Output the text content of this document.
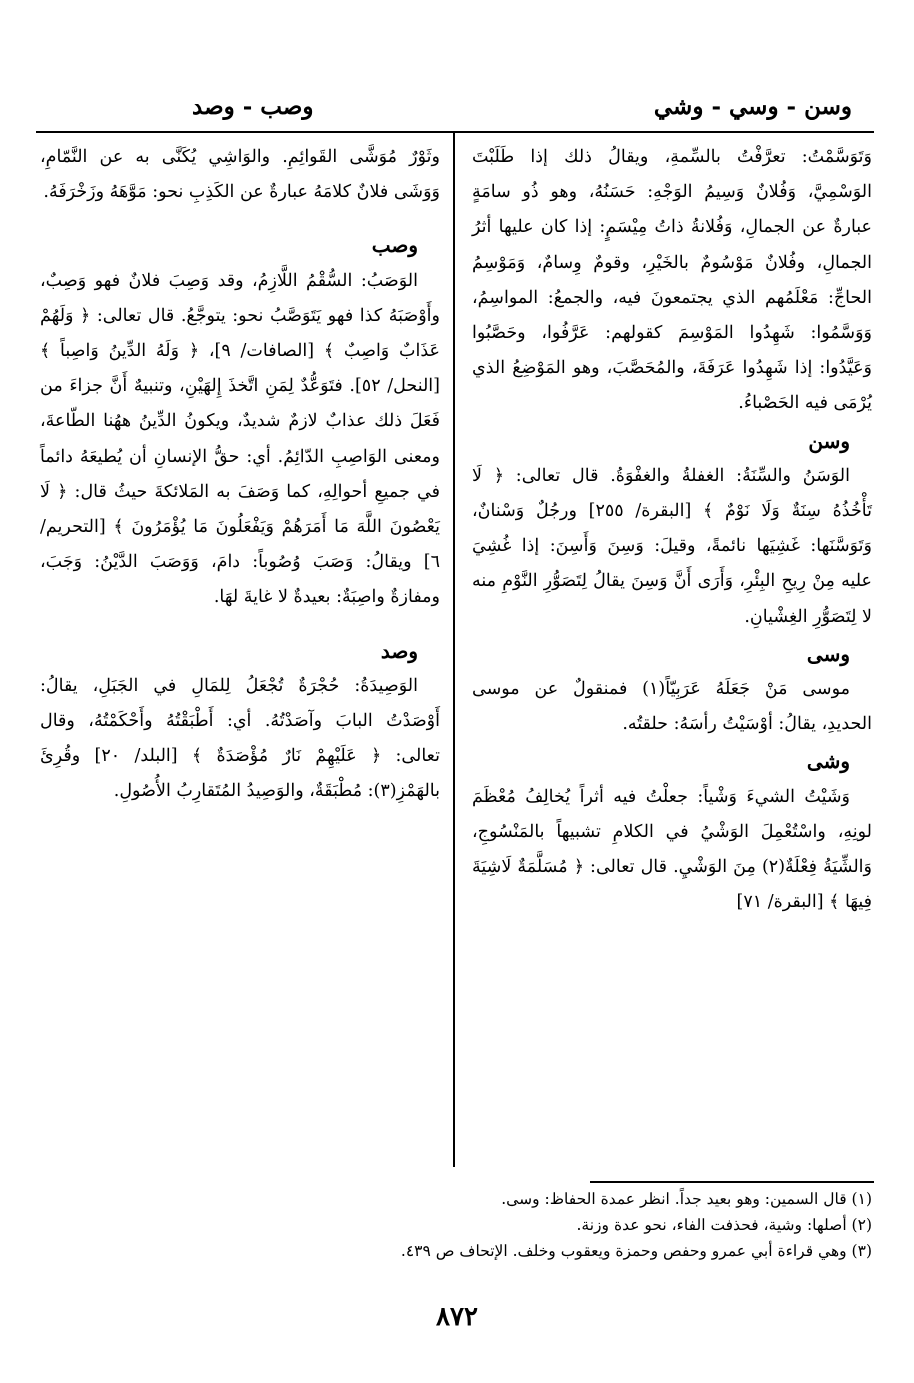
وسن - وسي - وشي
وصب - وصد

وَتَوَسَّمْتُ: تعرَّفْتُ بالسِّمةِ، ويقالُ ذلك إذا طَلَبْتَ الوَسْمِيَّ، وَفُلانٌ وَسِيمُ الوَجْهِ: حَسَنُهُ، وهو ذُو سامَةٍ عبارةٌ عن الجمالِ، وَفُلانةُ ذاتُ مِيْسَمٍ: إذا كان عليها أثرُ الجمالِ، وفُلانٌ مَوْسُومٌ بالخَيْرِ، وقومٌ وِسامٌ، وَمَوْسِمُ الحاجِّ: مَعْلَمُهم الذي يجتمعونَ فيه، والجمعُ: المواسِمُ، وَوَسَّمُوا: شَهِدُوا المَوْسِمَ كقولهم: عَرَّفُوا، وحَصَّبُوا وَعَيَّدُوا: إذا شَهِدُوا عَرَفَةَ، والمُحَصَّبَ، وهو المَوْضِعُ الذي يُرْمَى فيه الحَصْباءُ.

وسن

الوَسَنُ والسِّنَةُ: الغفلةُ والغفْوَةُ. قال تعالى: ﴿ لَا تَأْخُذُهُ سِنَةٌ وَلَا نَوْمٌ ﴾ [البقرة/ ٢٥٥] ورجُلٌ وَسْنانٌ، وَتَوَسَّنَها: غَشِيَها نائمةً، وقيلَ: وَسِنَ وَأَسِنَ: إذا غُشِيَ عليه مِنْ رِيحِ البِئْرِ، وَأَرَى أَنَّ وَسِنَ يقالُ لِتَصَوُّرِ النَّوْمِ منه لا لِتَصَوُّرِ الغِشْيانِ.

وسى

موسى مَنْ جَعَلَهُ عَرَبِيّاً(١) فمنقولٌ عن موسى الحديدِ، يقالُ: أوْسَيْتُ رأسَهُ: حلقتُه.

وشى

وَشَيْتُ الشيءَ وَشْياً: جعلْتُ فيه أثراً يُخالِفُ مُعْظَمَ لونِهِ، واسْتُعْمِلَ الوَشْيُ في الكلامِ تشبيهاً بالمَنْسُوجِ، وَالشِّيَةُ فِعْلَةٌ(٢) مِنَ الوَشْيِ. قال تعالى: ﴿ مُسَلَّمَةٌ لَاشِيَةَ فِيهَا ﴾ [البقرة/ ٧١]

وثَوْرٌ مُوَشَّى القَوائِمِ. والوَاشِي يُكَنَّى به عن النَّمّامِ، وَوَشَى فلانٌ كلامَهُ عبارةٌ عن الكَذِبِ نحو: مَوَّهَهُ وزَخْرَفَهُ.

وصب

الوَصَبُ: السُّقْمُ اللَّازِمُ، وقد وَصِبَ فلانٌ فهو وَصِبٌ، وأَوْصَبَهُ كذا فهو يَتَوَصَّبُ نحو: يتوجَّعُ. قال تعالى: ﴿ وَلَهُمْ عَذَابٌ وَاصِبٌ ﴾ [الصافات/ ٩]، ﴿ وَلَهُ الدِّينُ وَاصِباً ﴾ [النحل/ ٥٢]. فتَوَعُّدٌ لِمَنِ اتَّخذَ إِلهَيْنِ، وتنبيهٌ أَنَّ جزاءَ من فَعَلَ ذلك عذابٌ لازمٌ شديدٌ، ويكونُ الدِّينُ ههُنا الطّاعةَ، ومعنى الوَاصِبِ الدّائِمُ. أي: حقُّ الإنسانِ أن يُطيعَهُ دائماً في جميعِ أحوالِهِ، كما وَصَفَ به المَلائكةَ حيثُ قال: ﴿ لَا يَعْصُونَ اللَّهَ مَا أَمَرَهُمْ وَيَفْعَلُونَ مَا يُؤْمَرُونَ ﴾ [التحريم/ ٦] ويقالُ: وَصَبَ وُصُوباً: دامَ، وَوَصَبَ الدَّيْنُ: وَجَبَ، ومفازةٌ واصِبَةٌ: بعيدةٌ لا غايةَ لهَا.

وصد

الوَصِيدَةُ: حُجْرَةٌ تُجْعَلُ لِلمَالِ في الجَبَلِ، يقالُ: أَوْصَدْتُ البابَ وآصَدْتُهُ. أي: أَطْبَقْتُهُ وأَحْكَمْتُهُ، وقال تعالى: ﴿ عَلَيْهِمْ نَارٌ مُؤْصَدَةٌ ﴾ [البلد/ ٢٠] وقُرِئَ بالهَمْزِ(٣): مُطْبَقَةٌ، والوَصِيدُ المُتَقارِبُ الأُصُولِ.

(١) قال السمين: وهو بعيد جداً. انظر عمدة الحفاظ: وسى.

(٢) أصلها: وشية، فحذفت الفاء، نحو عدة وزنة.

(٣) وهي قراءة أبي عمرو وحفص وحمزة ويعقوب وخلف. الإتحاف ص ٤٣٩.

٨٧٢
